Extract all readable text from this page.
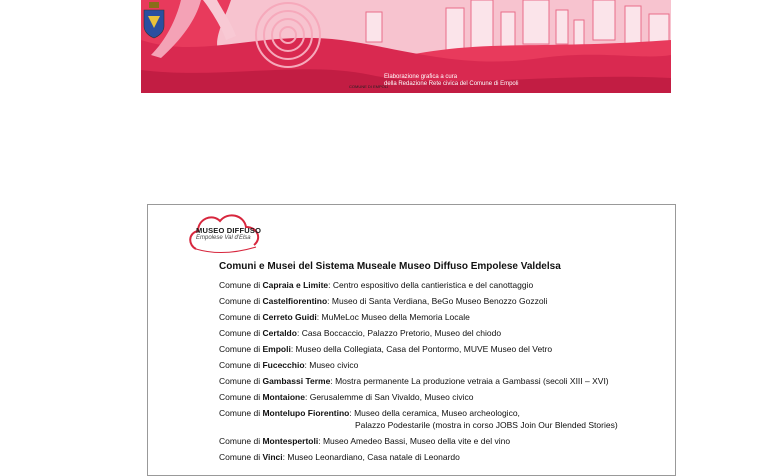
COMUNE DI EMPOLI
Elaborazione grafica a cura
della Redazione Rete civica del Comune di Empoli
MUSEO DIFFUSO
Empolese Val d'Elsa
Comuni e Musei del Sistema Museale Museo Diffuso Empolese Valdelsa
Comune di Capraia e Limite: Centro espositivo della cantieristica e del canottaggio
Comune di Castelfiorentino: Museo di Santa Verdiana, BeGo Museo Benozzo Gozzoli
Comune di Cerreto Guidi: MuMeLoc Museo della Memoria Locale
Comune di Certaldo: Casa Boccaccio, Palazzo Pretorio, Museo del chiodo
Comune di Empoli: Museo della Collegiata, Casa del Pontormo, MUVE Museo del Vetro
Comune di Fucecchio: Museo civico
Comune di Gambassi Terme: Mostra permanente La produzione vetraia a Gambassi (secoli XIII – XVI)
Comune di Montaione: Gerusalemme di San Vivaldo, Museo civico
Comune di Montelupo Fiorentino: Museo della ceramica, Museo archeologico,
Palazzo Podestarile (mostra in corso JOBS Join Our Blended Stories)
Comune di Montespertoli: Museo Amedeo Bassi, Museo della vite e del vino
Comune di Vinci: Museo Leonardiano, Casa natale di Leonardo
